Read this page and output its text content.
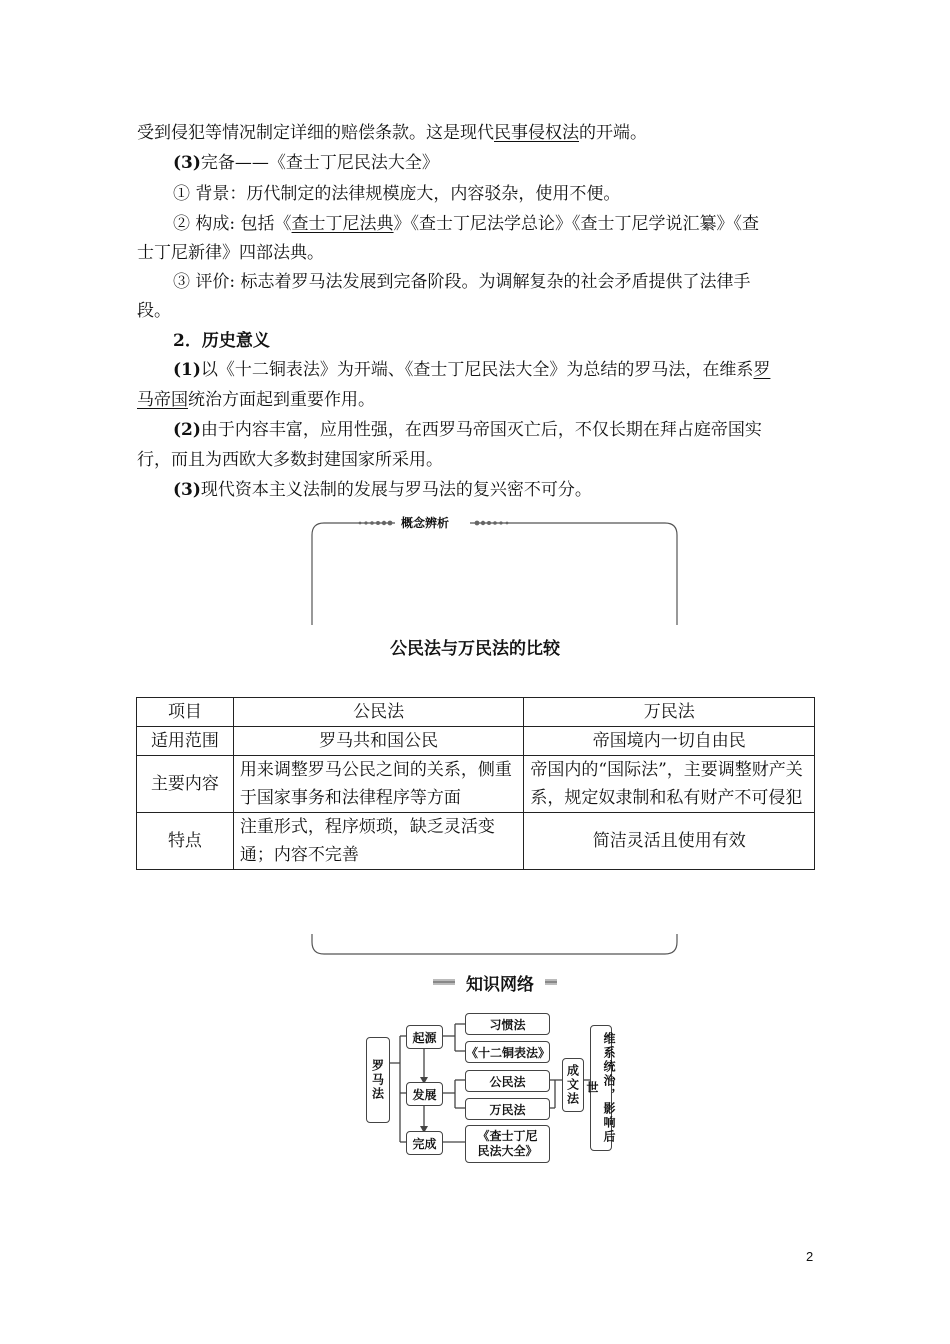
受到侵犯等情况制定详细的赔偿条款。这是现代民事侵权法的开端。
(3)完备——《查士丁尼民法大全》
① 背景：历代制定的法律规模庞大，内容驳杂，使用不便。
② 构成: 包括《查士丁尼法典》《查士丁尼法学总论》《查士丁尼学说汇纂》《查
士丁尼新律》四部法典。
③ 评价: 标志着罗马法发展到完备阶段。为调解复杂的社会矛盾提供了法律手
段。
2．历史意义
(1)以《十二铜表法》为开端、《查士丁尼民法大全》为总结的罗马法，在维系罗
马帝国统治方面起到重要作用。
(2)由于内容丰富，应用性强，在西罗马帝国灭亡后，不仅长期在拜占庭帝国实
行，而且为西欧大多数封建国家所采用。
(3)现代资本主义法制的发展与罗马法的复兴密不可分。
概念辨析
公民法与万民法的比较
项目	公民法	万民法
适用范围	罗马共和国公民	帝国境内一切自由民
主要内容	用来调整罗马公民之间的关系，侧重于国家事务和法律程序等方面	帝国内的“国际法”，主要调整财产关系，规定奴隶制和私有财产不可侵犯
特点	注重形式，程序烦琐，缺乏灵活变通；内容不完善	简洁灵活且使用有效
知识网络
罗马法
起源
发展
完成
习惯法
《十二铜表法》
公民法
万民法
《查士丁尼
民法大全》
成文法	维系统治，影响后世
2
